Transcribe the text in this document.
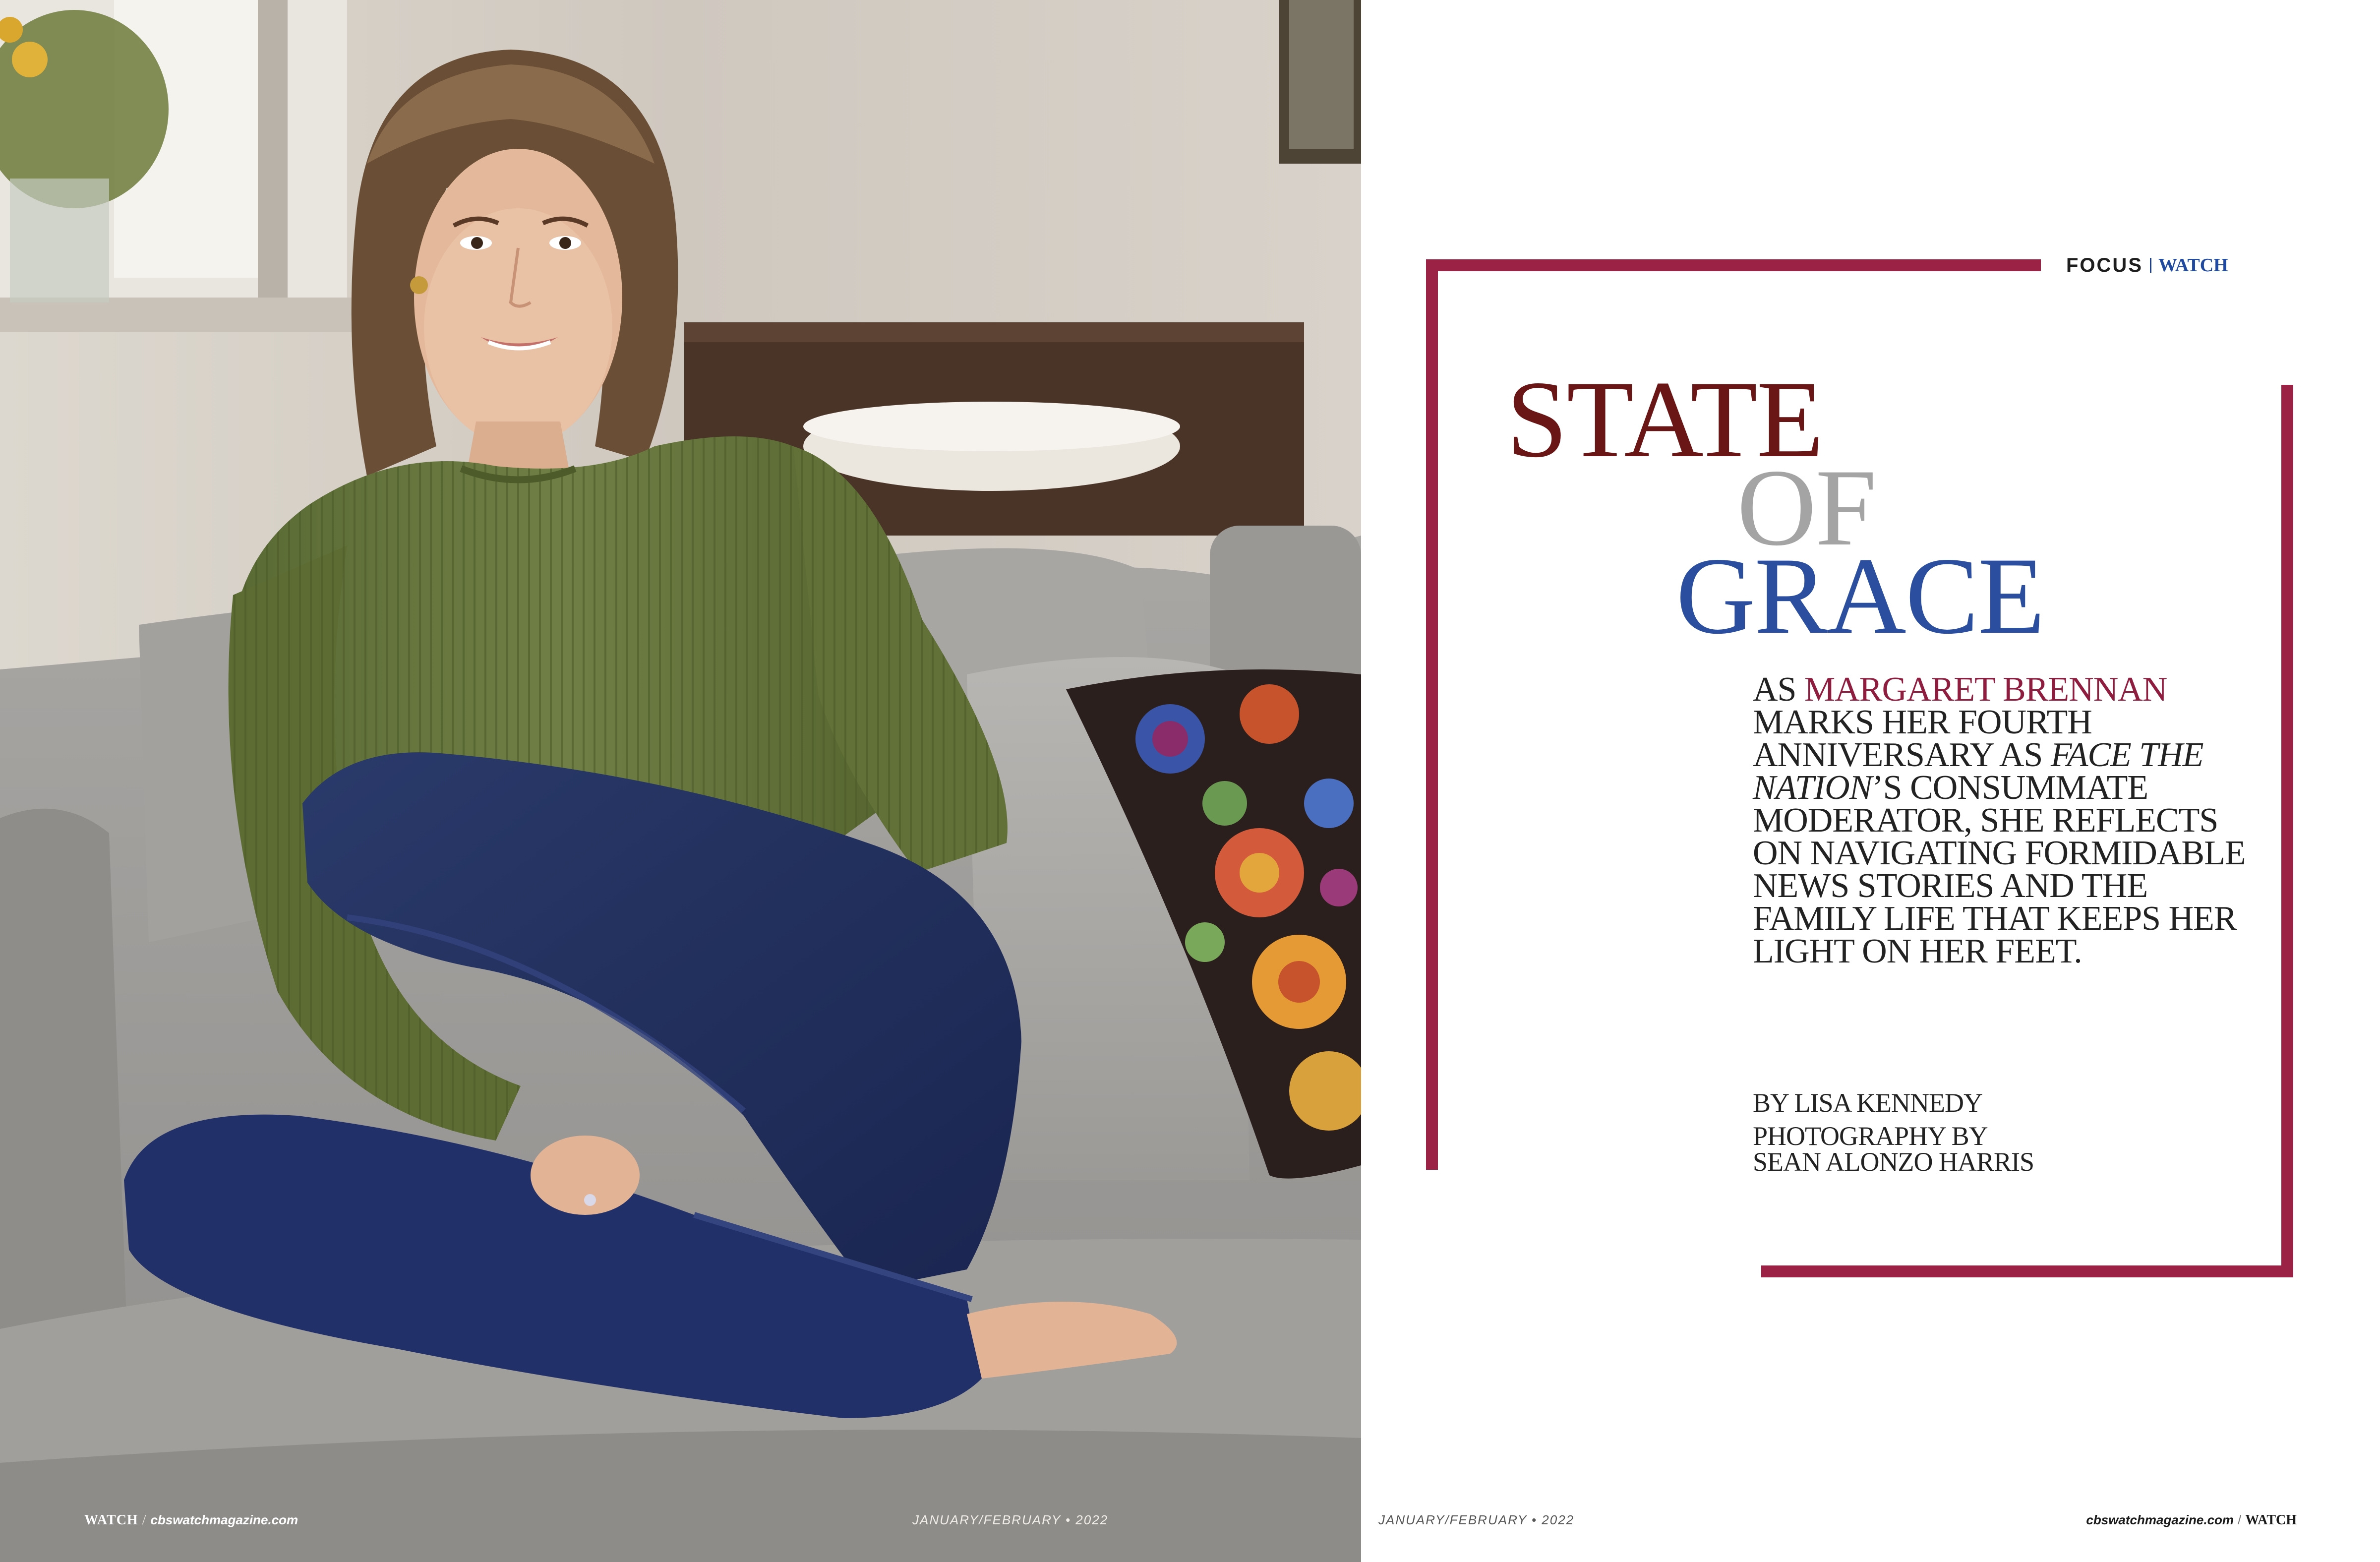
WATCH / cbswatchmagazine.com	JANUARY/FEBRUARY • 2022
FOCUS WATCH
STATE
OF
GRACE
AS MARGARET BRENNAN MARKS HER FOURTH ANNIVERSARY AS FACE THE NATION’S CONSUMMATE MODERATOR, SHE REFLECTS ON NAVIGATING FORMIDABLE NEWS STORIES AND THE FAMILY LIFE THAT KEEPS HER LIGHT ON HER FEET.
BY LISA KENNEDY
PHOTOGRAPHY BY
SEAN ALONZO HARRIS
JANUARY/FEBRUARY • 2022	cbswatchmagazine.com / WATCH
